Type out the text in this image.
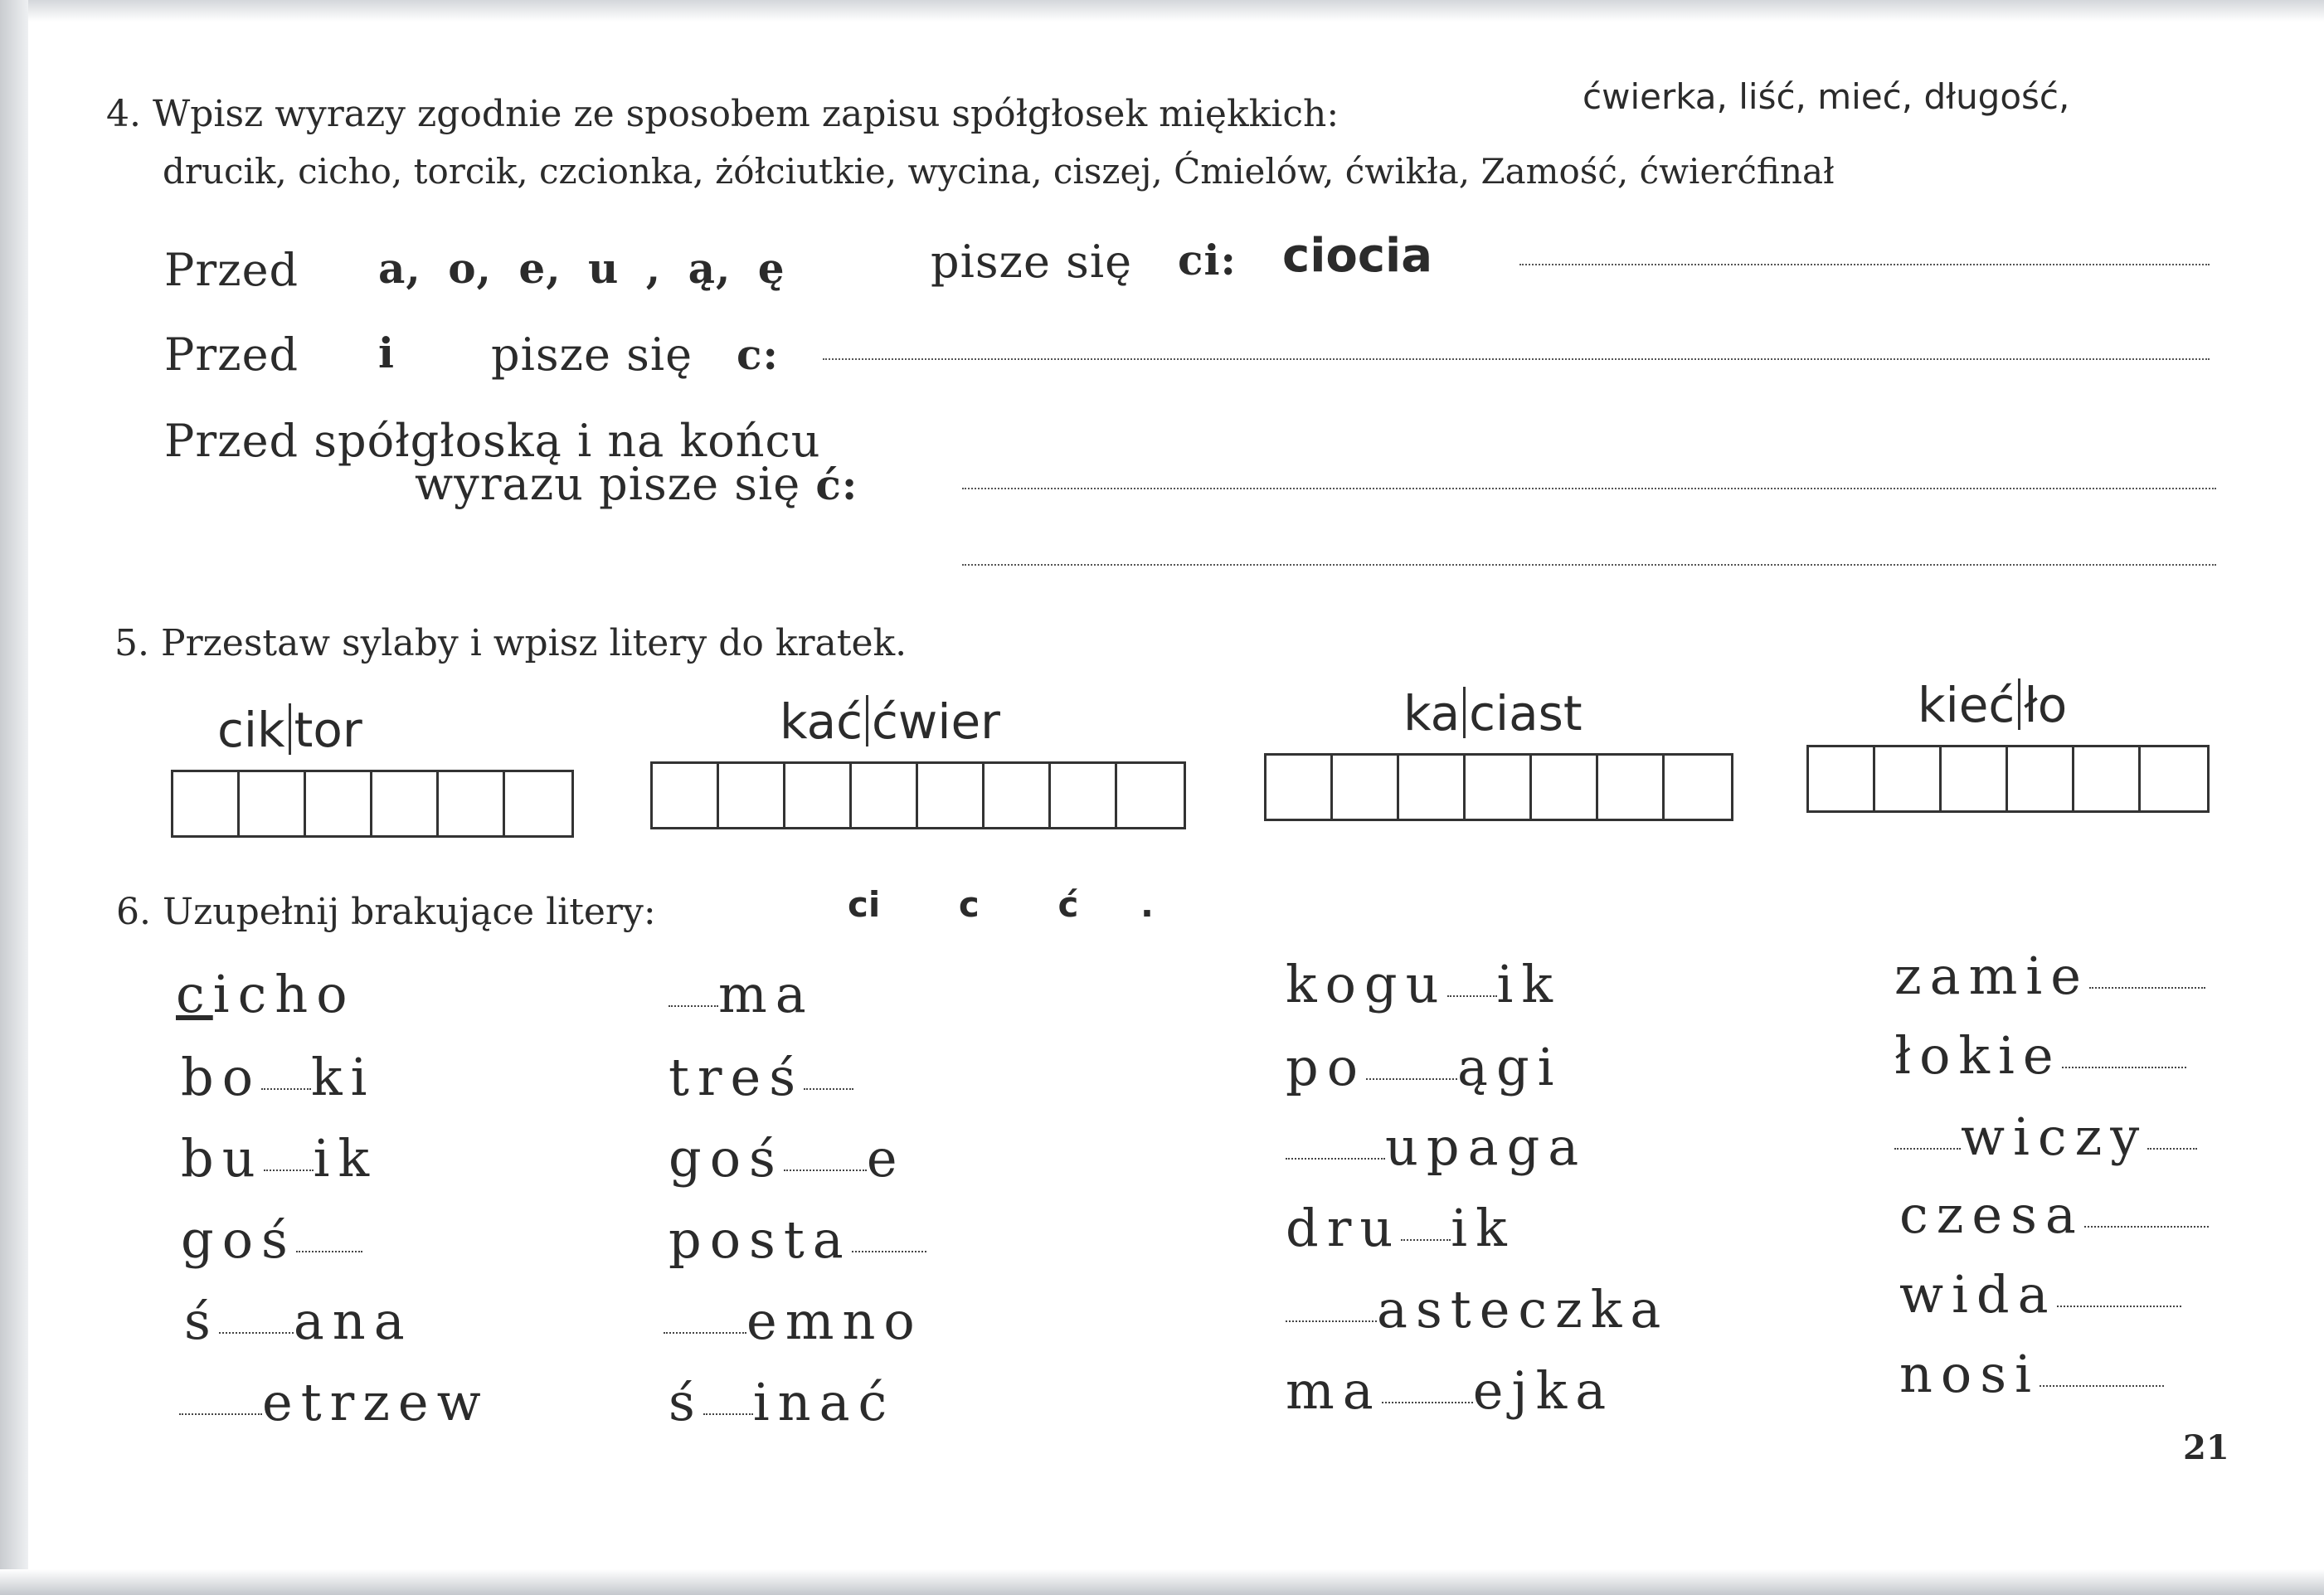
4. Wpisz wyrazy zgodnie ze sposobem zapisu spółgłosek miękkich:	ćwierka, liść, mieć, długość,
drucik, cicho, torcik, czcionka, żółciutkie, wycina, ciszej, Ćmielów, ćwikła, Zamość, ćwierćfinał
Przed a, o, e, u , ą, ę	pisze się ci: ciocia
Przed i pisze się c:
Przed spółgłoską i na końcu
wyrazu pisze się ć:
5. Przestaw sylaby i wpisz litery do kratek.
cik tor	kać ćwier	ka ciast	kieć ło
6. Uzupełnij brakujące litery:	ci c ć .
cicho
bo ki
bu ik
goś
ś ana
etrzew
ma
treś
goś e
posta
emno
ś inać
kogu ik
po ągi
upaga
dru ik
asteczka
ma ejka
zamie
łokie
wiczy
czesa
wida
nosi
21
